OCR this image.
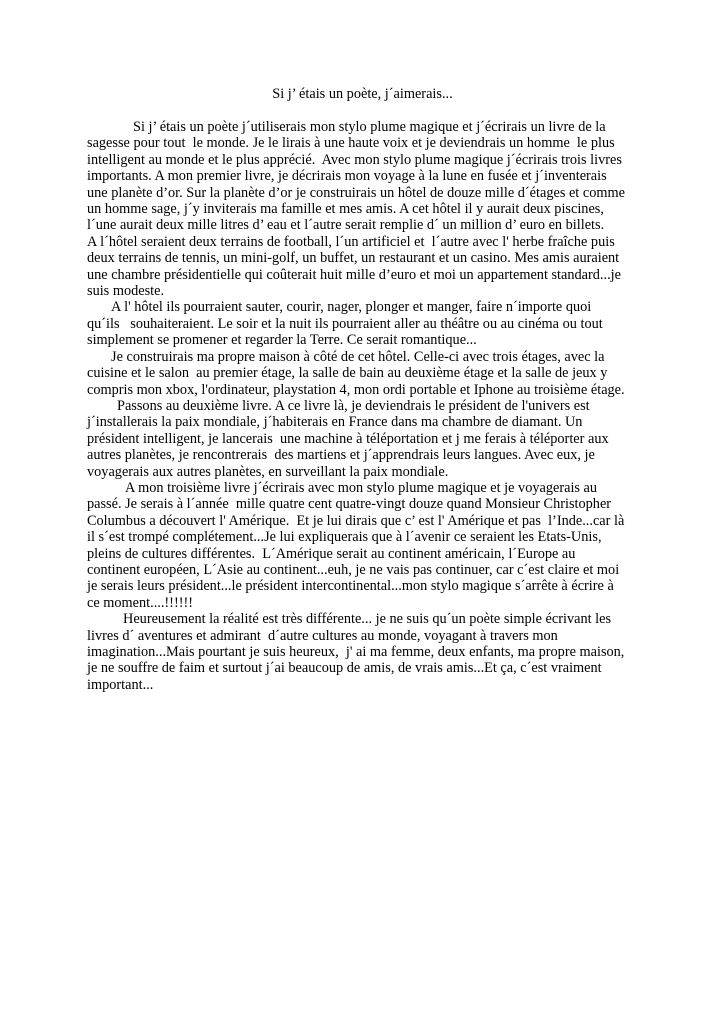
Si j’ étais un poète, j´aimerais...
Si j’ étais un poète j´utiliserais mon stylo plume magique et j´écrirais un livre de la
sagesse pour tout  le monde. Je le lirais à une haute voix et je deviendrais un homme  le plus
intelligent au monde et le plus apprécié.  Avec mon stylo plume magique j´écrirais trois livres
importants. A mon premier livre, je décrirais mon voyage à la lune en fusée et j´inventerais
une planète d’or. Sur la planète d’or je construirais un hôtel de douze mille d´étages et comme
un homme sage, j´y inviterais ma famille et mes amis. A cet hôtel il y aurait deux piscines,
l´une aurait deux mille litres d’ eau et l´autre serait remplie d´ un million d’ euro en billets.
A l´hôtel seraient deux terrains de football, l´un artificiel et  l´autre avec l' herbe fraîche puis
deux terrains de tennis, un mini-golf, un buffet, un restaurant et un casino. Mes amis auraient
une chambre présidentielle qui coûterait huit mille d’euro et moi un appartement standard...je
suis modeste.
A l' hôtel ils pourraient sauter, courir, nager, plonger et manger, faire n´importe quoi
qu´ils   souhaiteraient. Le soir et la nuit ils pourraient aller au théâtre ou au cinéma ou tout
simplement se promener et regarder la Terre. Ce serait romantique...
Je construirais ma propre maison à côté de cet hôtel. Celle-ci avec trois étages, avec la
cuisine et le salon  au premier étage, la salle de bain au deuxième étage et la salle de jeux y
compris mon xbox, l'ordinateur, playstation 4, mon ordi portable et Iphone au troisième étage.
Passons au deuxième livre. A ce livre là, je deviendrais le président de l'univers est
j´installerais la paix mondiale, j´habiterais en France dans ma chambre de diamant. Un
président intelligent, je lancerais  une machine à téléportation et j me ferais à téléporter aux
autres planètes, je rencontrerais  des martiens et j´apprendrais leurs langues. Avec eux, je
voyagerais aux autres planètes, en surveillant la paix mondiale.
A mon troisième livre j´écrirais avec mon stylo plume magique et je voyagerais au
passé. Je serais à l´année  mille quatre cent quatre-vingt douze quand Monsieur Christopher
Columbus a découvert l' Amérique.  Et je lui dirais que c’ est l' Amérique et pas  l’Inde...car là
il s´est trompé complétement...Je lui expliquerais que à l´avenir ce seraient les Etats-Unis,
pleins de cultures différentes.  L´Amérique serait au continent américain, l´Europe au
continent européen, L´Asie au continent...euh, je ne vais pas continuer, car c´est claire et moi
je serais leurs président...le président intercontinental...mon stylo magique s´arrête à écrire à
ce moment....!!!!!!
Heureusement la réalité est très différente... je ne suis qu´un poète simple écrivant les
livres d´ aventures et admirant  d´autre cultures au monde, voyagant à travers mon
imagination...Mais pourtant je suis heureux,  j' ai ma femme, deux enfants, ma propre maison,
je ne souffre de faim et surtout j´ai beaucoup de amis, de vrais amis...Et ça, c´est vraiment
important...
